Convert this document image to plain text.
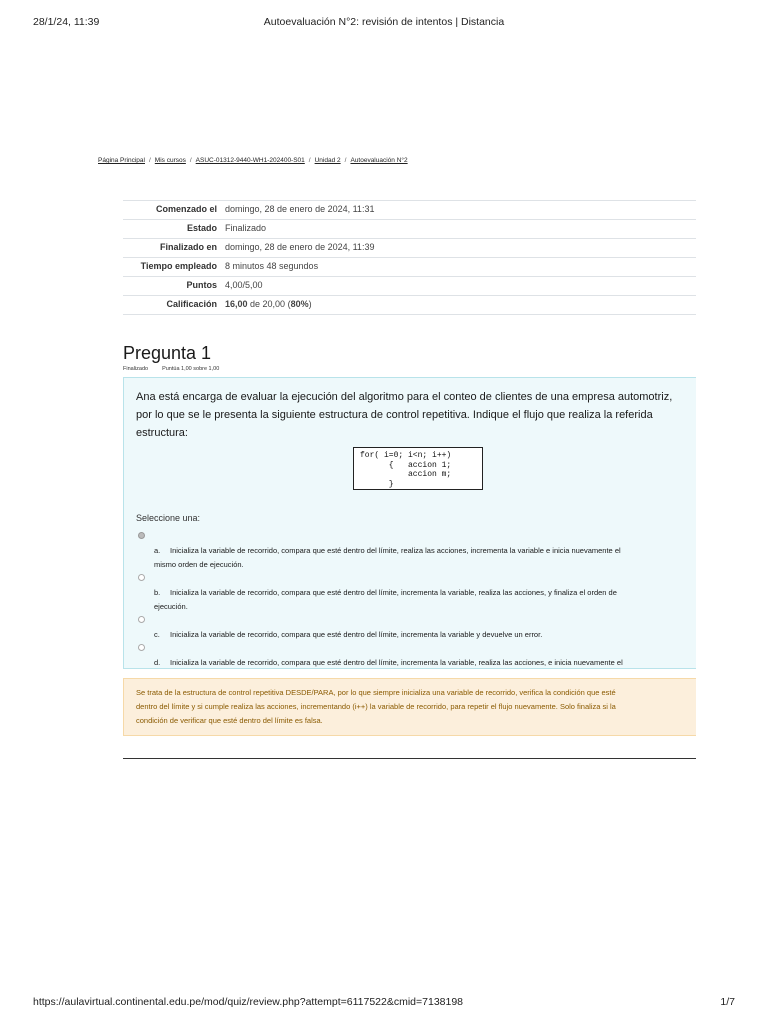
28/1/24, 11:39	Autoevaluación N°2: revisión de intentos | Distancia
Página Principal / Mis cursos / ASUC-01312-9440-WH1-202400-S01 / Unidad 2 / Autoevaluación N°2
Comenzado el	domingo, 28 de enero de 2024, 11:31
Estado	Finalizado
Finalizado en	domingo, 28 de enero de 2024, 11:39
Tiempo empleado	8 minutos 48 segundos
Puntos	4,00/5,00
Calificación	16,00 de 20,00 (80%)
Pregunta 1
Finalizado	Puntúa 1,00 sobre 1,00
Ana está encarga de evaluar la ejecución del algoritmo para el conteo de clientes de una empresa automotriz,
por lo que se le presenta la siguiente estructura de control repetitiva. Indique el flujo que realiza la referida
estructura:
for( i=0; i<n; i++)
{   accion 1;
accion m;
}
Seleccione una:

a. Inicializa la variable de recorrido, compara que esté dentro del límite, realiza las acciones, incrementa la variable e inicia nuevamente el
mismo orden de ejecución.

b. Inicializa la variable de recorrido, compara que esté dentro del límite, incrementa la variable, realiza las acciones, y finaliza el orden de
ejecución.

c. Inicializa la variable de recorrido, compara que esté dentro del límite, incrementa la variable y devuelve un error.

d. Inicializa la variable de recorrido, compara que esté dentro del límite, incrementa la variable, realiza las acciones, e inicia nuevamente el

Se trata de la estructura de control repetitiva DESDE/PARA, por lo que siempre inicializa una variable de recorrido, verifica la condición que esté
dentro del límite y si cumple realiza las acciones, incrementando (i++) la variable de recorrido, para repetir el flujo nuevamente. Solo finaliza si la
condición de verificar que esté dentro del límite es falsa.

https://aulavirtual.continental.edu.pe/mod/quiz/review.php?attempt=6117522&cmid=7138198	1/7
